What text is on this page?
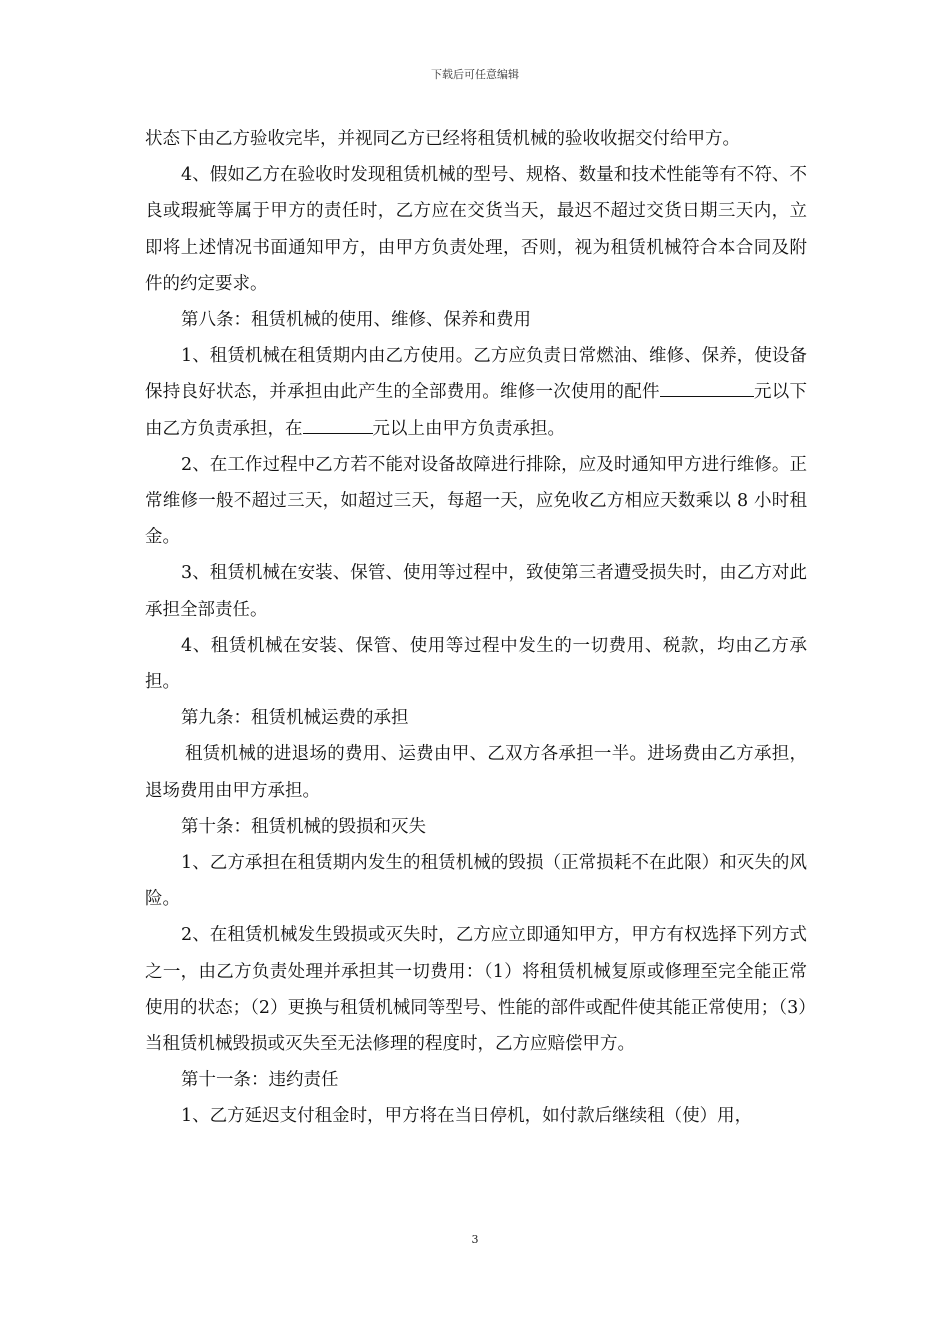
下载后可任意编辑

状态下由乙方验收完毕，并视同乙方已经将租赁机械的验收收据交付给甲方。

4、假如乙方在验收时发现租赁机械的型号、规格、数量和技术性能等有不符、不良或瑕疵等属于甲方的责任时，乙方应在交货当天，最迟不超过交货日期三天内，立即将上述情况书面通知甲方，由甲方负责处理，否则，视为租赁机械符合本合同及附件的约定要求。

第八条：租赁机械的使用、维修、保养和费用

1、租赁机械在租赁期内由乙方使用。乙方应负责日常燃油、维修、保养，使设备保持良好状态，并承担由此产生的全部费用。维修一次使用的配件	元以下由乙方负责承担，在	元以上由甲方负责承担。

2、在工作过程中乙方若不能对设备故障进行排除，应及时通知甲方进行维修。正常维修一般不超过三天，如超过三天，每超一天，应免收乙方相应天数乘以 8 小时租金。

3、租赁机械在安装、保管、使用等过程中，致使第三者遭受损失时，由乙方对此承担全部责任。

4、租赁机械在安装、保管、使用等过程中发生的一切费用、税款，均由乙方承担。

第九条：租赁机械运费的承担

租赁机械的进退场的费用、运费由甲、乙双方各承担一半。进场费由乙方承担，退场费用由甲方承担。

第十条：租赁机械的毁损和灭失

1、乙方承担在租赁期内发生的租赁机械的毁损（正常损耗不在此限）和灭失的风险。

2、在租赁机械发生毁损或灭失时，乙方应立即通知甲方，甲方有权选择下列方式之一，由乙方负责处理并承担其一切费用：（1）将租赁机械复原或修理至完全能正常使用的状态；（2）更换与租赁机械同等型号、性能的部件或配件使其能正常使用；（3）当租赁机械毁损或灭失至无法修理的程度时，乙方应赔偿甲方。

第十一条：违约责任

1、乙方延迟支付租金时，甲方将在当日停机，如付款后继续租（使）用，

3
